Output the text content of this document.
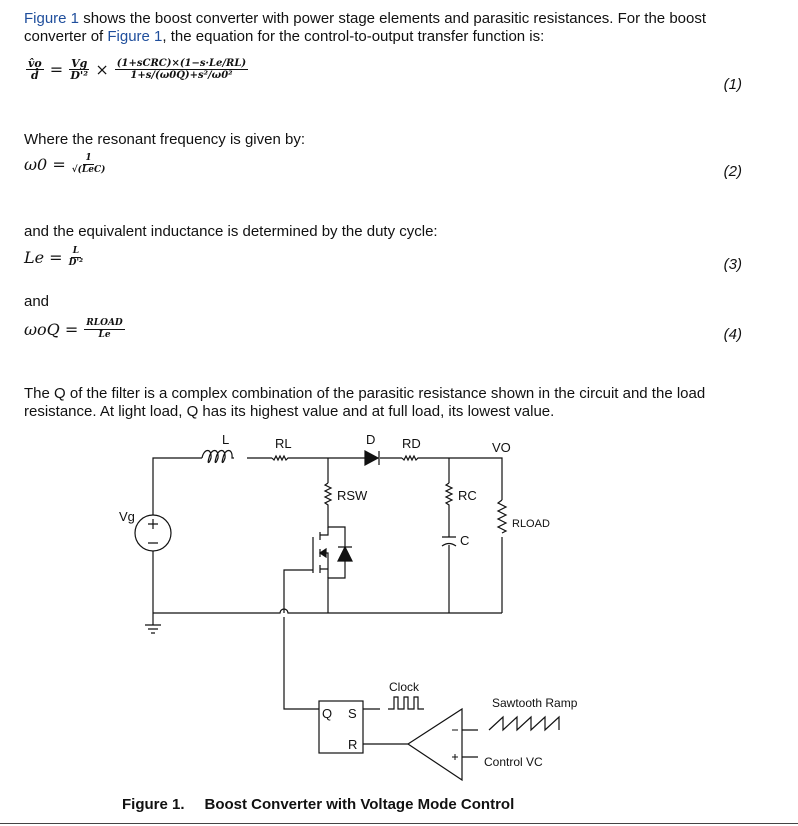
Figure 1 shows the boost converter with power stage elements and parasitic resistances. For the boost converter of Figure 1, the equation for the control-to-output transfer function is:
$\frac{v̂o}{d̂} = \frac{Vg}{\text{D'²}} \times \frac{\text{(1+sCRC)×(1−s·Le/RL)}}{\text{1+s/(ω0Q)+s²/ω0²}}$
(1)
Where the resonant frequency is given by:
$\omega 0 = \frac{1}{\text{√(LeC)}}$	(2)
and the equivalent inductance is determined by the duty cycle:
$Le = \frac{L}{\text{D'²}}$	(3)
and
$\omega oQ = \frac{\text{RLOAD}}{Le}$	(4)
The Q of the filter is a complex combination of the parasitic resistance shown in the circuit and the load resistance. At light load, Q has its highest value and at full load, its lowest value.
L	RL	D RD	VO
Vg
RSW	RC
C
RLOAD
Q S
R
Clock
Sawtooth Ramp
Control VC
Figure 1. Boost Converter with Voltage Mode Control
